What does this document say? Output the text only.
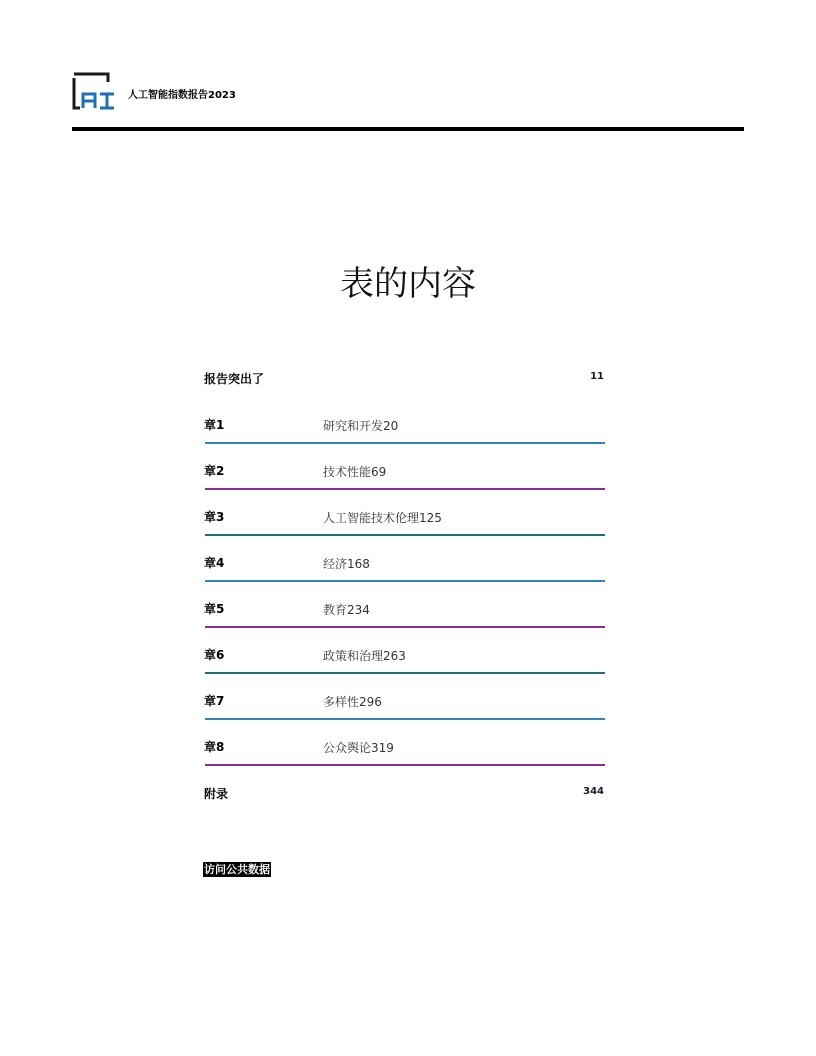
人工智能指数报告2023
表的内容
报告突出了	11
章1	研究和开发20
章2	技术性能69
章3	人工智能技术伦理125
章4	经济168
章5	教育234
章6	政策和治理263
章7	多样性296
章8	公众舆论319
附录	344
访问公共数据
